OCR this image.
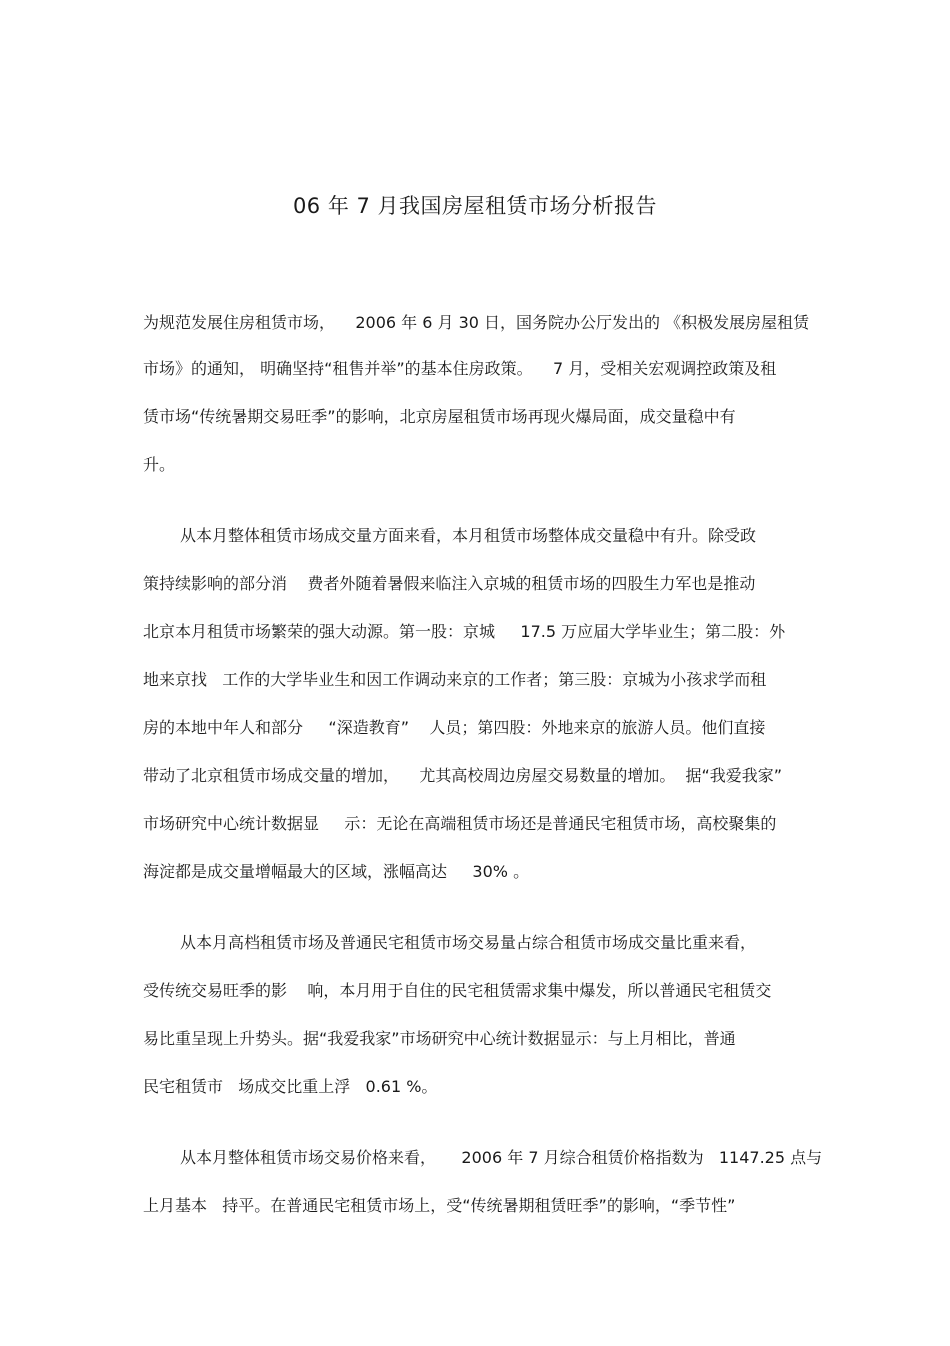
06 年 7 月我国房屋租赁市场分析报告
为规范发展住房租赁市场，    2006 年 6 月 30 日，国务院办公厅发出的 《积极发展房屋租赁
市场》的通知， 明确坚持“租售并举”的基本住房政策。    7 月，受相关宏观调控政策及租
赁市场“传统暑期交易旺季”的影响，北京房屋租赁市场再现火爆局面，成交量稳中有
升。
从本月整体租赁市场成交量方面来看，本月租赁市场整体成交量稳中有升。除受政
策持续影响的部分消    费者外随着暑假来临注入京城的租赁市场的四股生力军也是推动
北京本月租赁市场繁荣的强大动源。第一股：京城     17.5 万应届大学毕业生；第二股：外
地来京找   工作的大学毕业生和因工作调动来京的工作者；第三股：京城为小孩求学而租
房的本地中年人和部分     “深造教育”    人员；第四股：外地来京的旅游人员。他们直接
带动了北京租赁市场成交量的增加，    尤其高校周边房屋交易数量的增加。  据“我爱我家”
市场研究中心统计数据显     示：无论在高端租赁市场还是普通民宅租赁市场，高校聚集的
海淀都是成交量增幅最大的区域，涨幅高达     30% 。
从本月高档租赁市场及普通民宅租赁市场交易量占综合租赁市场成交量比重来看，
受传统交易旺季的影    响，本月用于自住的民宅租赁需求集中爆发，所以普通民宅租赁交
易比重呈现上升势头。据“我爱我家”市场研究中心统计数据显示：与上月相比，普通
民宅租赁市   场成交比重上浮   0.61 %。
从本月整体租赁市场交易价格来看，     2006 年 7 月综合租赁价格指数为   1147.25 点与
上月基本   持平。在普通民宅租赁市场上，受“传统暑期租赁旺季”的影响，“季节性”
